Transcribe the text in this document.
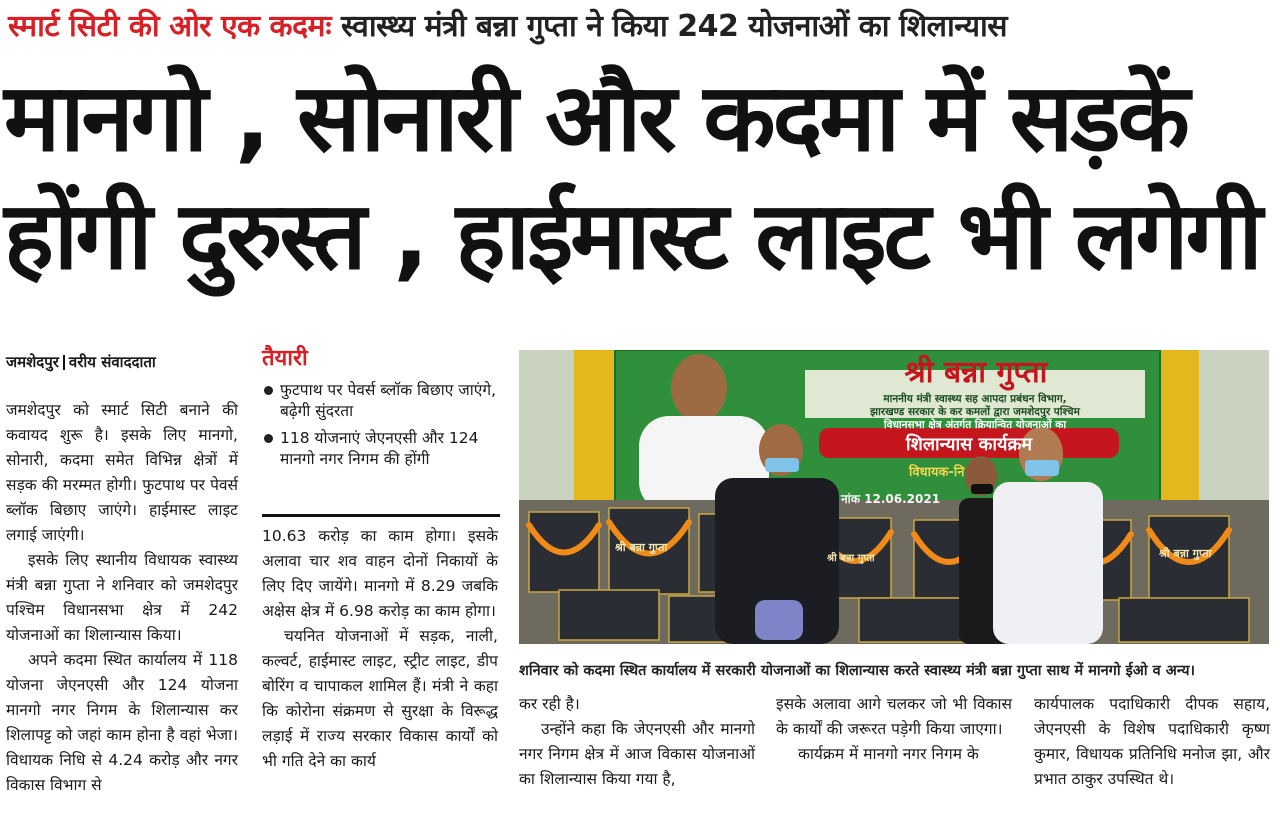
स्मार्ट सिटी की ओर एक कदमः स्वास्थ्य मंत्री बन्ना गुप्ता ने किया 242 योजनाओं का शिलान्यास
मानगो , सोनारी और कदमा में सड़कें
होंगी दुरुस्त , हाईमास्ट लाइट भी लगेगी
जमशेदपुर वरीय संवाददाता

जमशेदपुर को स्मार्ट सिटी बनाने की कवायद शुरू है। इसके लिए मानगो, सोनारी, कदमा समेत विभिन्न क्षेत्रों में सड़क की मरम्मत होगी। फुटपाथ पर पेवर्स ब्लॉक बिछाए जाएंगे। हाईमास्ट लाइट लगाई जाएंगी।

इसके लिए स्थानीय विधायक स्वास्थ्य मंत्री बन्ना गुप्ता ने शनिवार को जमशेदपुर पश्चिम विधानसभा क्षेत्र में 242 योजनाओं का शिलान्यास किया।

अपने कदमा स्थित कार्यालय में 118 योजना जेएनएसी और 124 योजना मानगो नगर निगम के शिलान्यास कर शिलापट्ट को जहां काम होना है वहां भेजा। विधायक निधि से 4.24 करोड़ और नगर विकास विभाग से

तैयारी
फुटपाथ पर पेवर्स ब्लॉक बिछाए जाएंगे, बढ़ेगी सुंदरता
118 योजनाएं जेएनएसी और 124 मानगो नगर निगम की होंगी

10.63 करोड़ का काम होगा। इसके अलावा चार शव वाहन दोनों निकायों के लिए दिए जायेंगे। मानगो में 8.29 जबकि अक्षेस क्षेत्र में 6.98 करोड़ का काम होगा।

चयनित योजनाओं में सड़क, नाली, कल्वर्ट, हाईमास्ट लाइट, स्ट्रीट लाइट, डीप बोरिंग व चापाकल शामिल हैं। मंत्री ने कहा कि कोरोना संक्रमण से सुरक्षा के विरूद्ध लड़ाई में राज्य सरकार विकास कार्यों को भी गति देने का कार्य

श्री बन्ना गुप्ता
माननीय मंत्री स्वास्थ्य सह आपदा प्रबंधन विभाग,
झारखण्ड सरकार के कर कमलों द्वारा जमशेदपुर पश्चिम
विधानसभा क्षेत्र अंतर्गत क्रियान्वित योजनाओं का
शिलान्यास कार्यक्रम
विधायक-नि
नांक 12.06.2021
श्री बन्ना गुप्ता
श्री बन्ना गुप्ता	श्री बन्ना गुप्ता
शनिवार को कदमा स्थित कार्यालय में सरकारी योजनाओं का शिलान्यास करते स्वास्थ्य मंत्री बन्ना गुप्ता साथ में मानगो ईओ व अन्य।

कर रही है।

उन्होंने कहा कि जेएनएसी और मानगो नगर निगम क्षेत्र में आज विकास योजनाओं का शिलान्यास किया गया है,

इसके अलावा आगे चलकर जो भी विकास के कार्यों की जरूरत पड़ेगी किया जाएगा।

कार्यक्रम में मानगो नगर निगम के

कार्यपालक पदाधिकारी दीपक सहाय, जेएनएसी के विशेष पदाधिकारी कृष्ण कुमार, विधायक प्रतिनिधि मनोज झा, और प्रभात ठाकुर उपस्थित थे।
